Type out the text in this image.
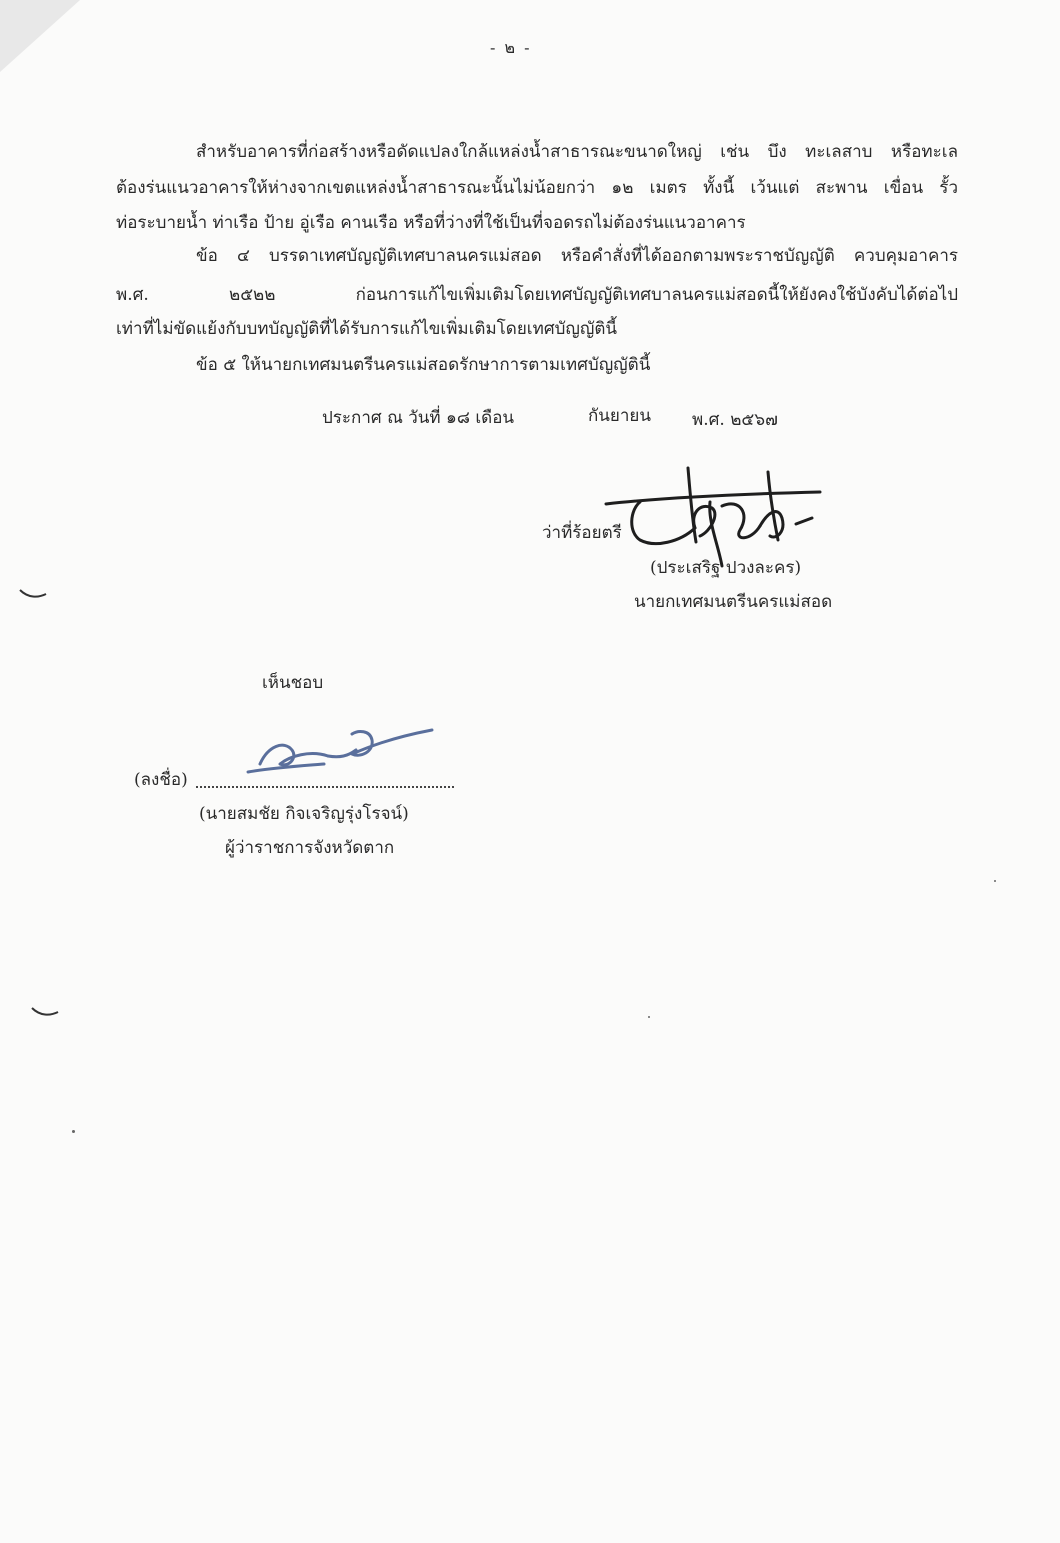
- ๒ -
สำหรับอาคารที่ก่อสร้างหรือดัดแปลงใกล้แหล่งน้ำสาธารณะขนาดใหญ่ เช่น บึง ทะเลสาบ หรือทะเล
ต้องร่นแนวอาคารให้ห่างจากเขตแหล่งน้ำสาธารณะนั้นไม่น้อยกว่า ๑๒ เมตร ทั้งนี้ เว้นแต่ สะพาน เขื่อน รั้ว
ท่อระบายน้ำ ท่าเรือ ป้าย อู่เรือ คานเรือ หรือที่ว่างที่ใช้เป็นที่จอดรถไม่ต้องร่นแนวอาคาร
ข้อ ๔ บรรดาเทศบัญญัติเทศบาลนครแม่สอด หรือคำสั่งที่ได้ออกตามพระราชบัญญัติ ควบคุมอาคาร
พ.ศ. ๒๕๒๒ ก่อนการแก้ไขเพิ่มเติมโดยเทศบัญญัติเทศบาลนครแม่สอดนี้ให้ยังคงใช้บังคับได้ต่อไป
เท่าที่ไม่ขัดแย้งกับบทบัญญัติที่ได้รับการแก้ไขเพิ่มเติมโดยเทศบัญญัตินี้
ข้อ ๕ ให้นายกเทศมนตรีนครแม่สอดรักษาการตามเทศบัญญัตินี้
ประกาศ ณ วันที่ ๑๘ เดือน	กันยายน พ.ศ. ๒๕๖๗
ว่าที่ร้อยตรี
(ประเสริฐ ปวงละคร)
นายกเทศมนตรีนครแม่สอด
เห็นชอบ
(ลงชื่อ)
(นายสมชัย กิจเจริญรุ่งโรจน์)
ผู้ว่าราชการจังหวัดตาก
